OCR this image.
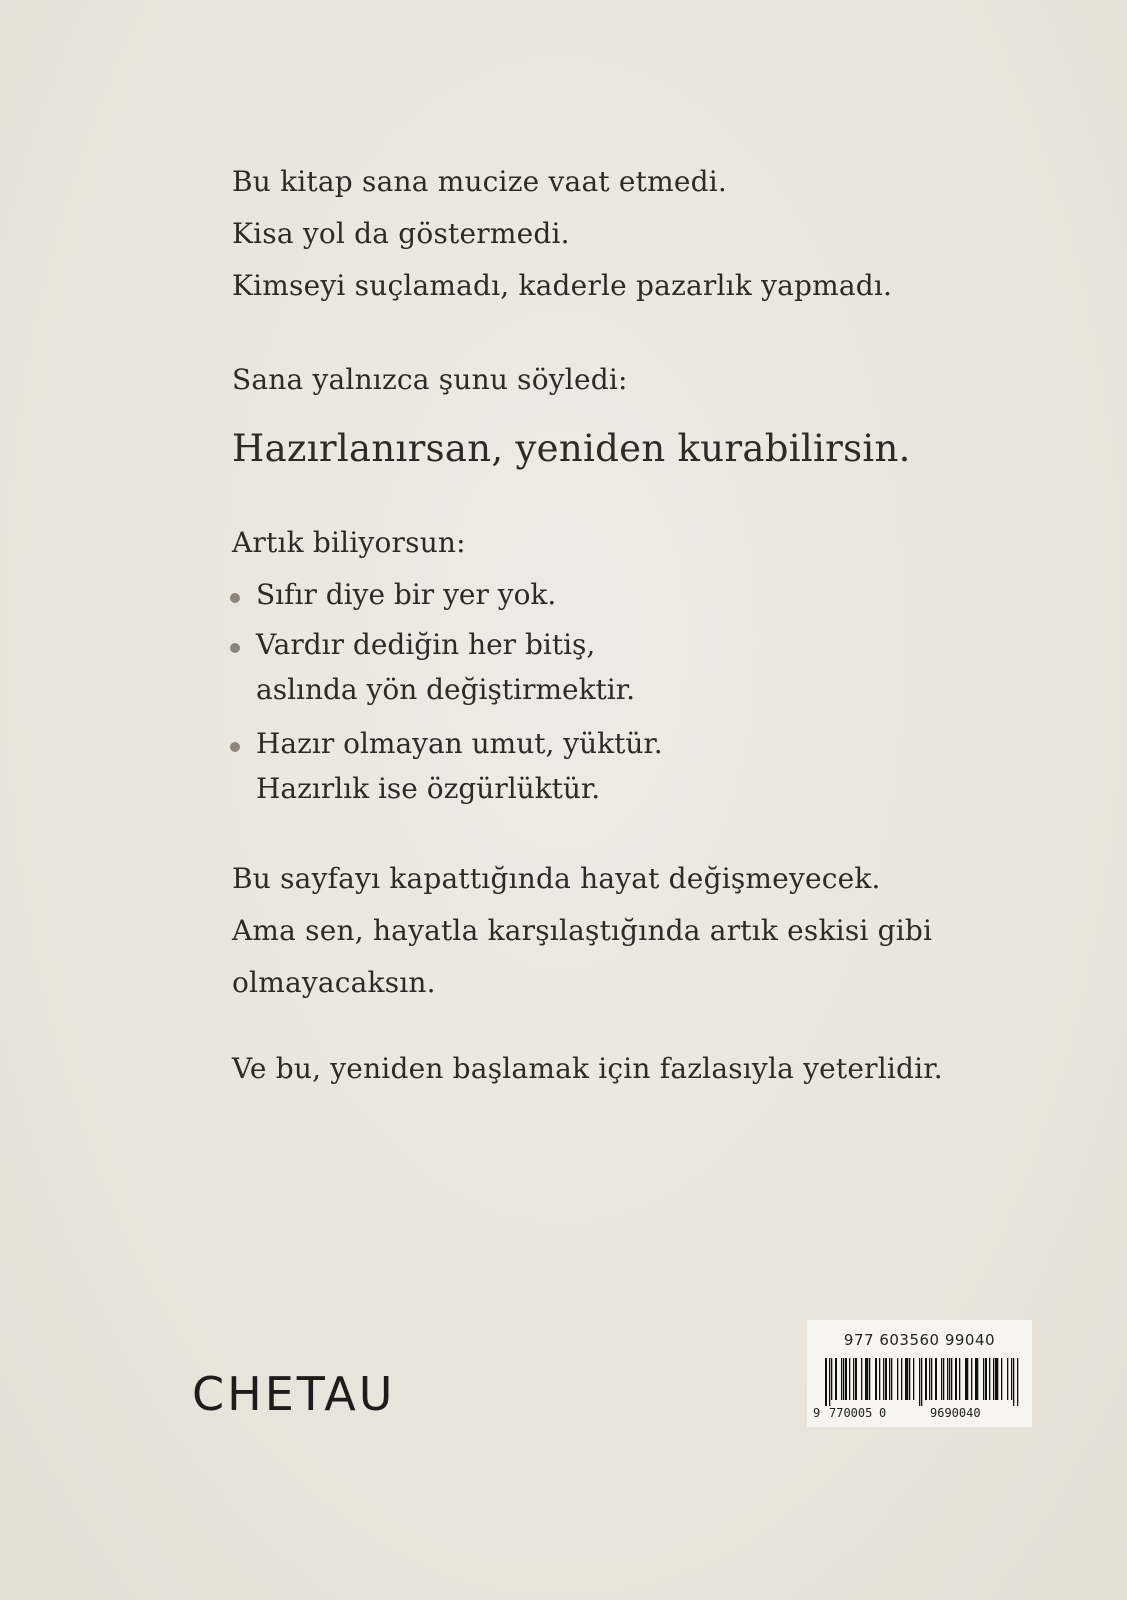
Bu kitap sana mucize vaat etmedi.
Kisa yol da göstermedi.
Kimseyi suçlamadı, kaderle pazarlık yapmadı.
Sana yalnızca şunu söyledi:
Hazırlanırsan, yeniden kurabilirsin.
Artık biliyorsun:
Sıfır diye bir yer yok.
Vardır dediğin her bitiş,
aslında yön değiştirmektir.
Hazır olmayan umut, yüktür.
Hazırlık ise özgürlüktür.
Bu sayfayı kapattığında hayat değişmeyecek.
Ama sen, hayatla karşılaştığında artık eskisi gibi
olmayacaksın.
Ve bu, yeniden başlamak için fazlasıyla yeterlidir.
CHETAU
977 603560 99040
9 770005 0	9690040
